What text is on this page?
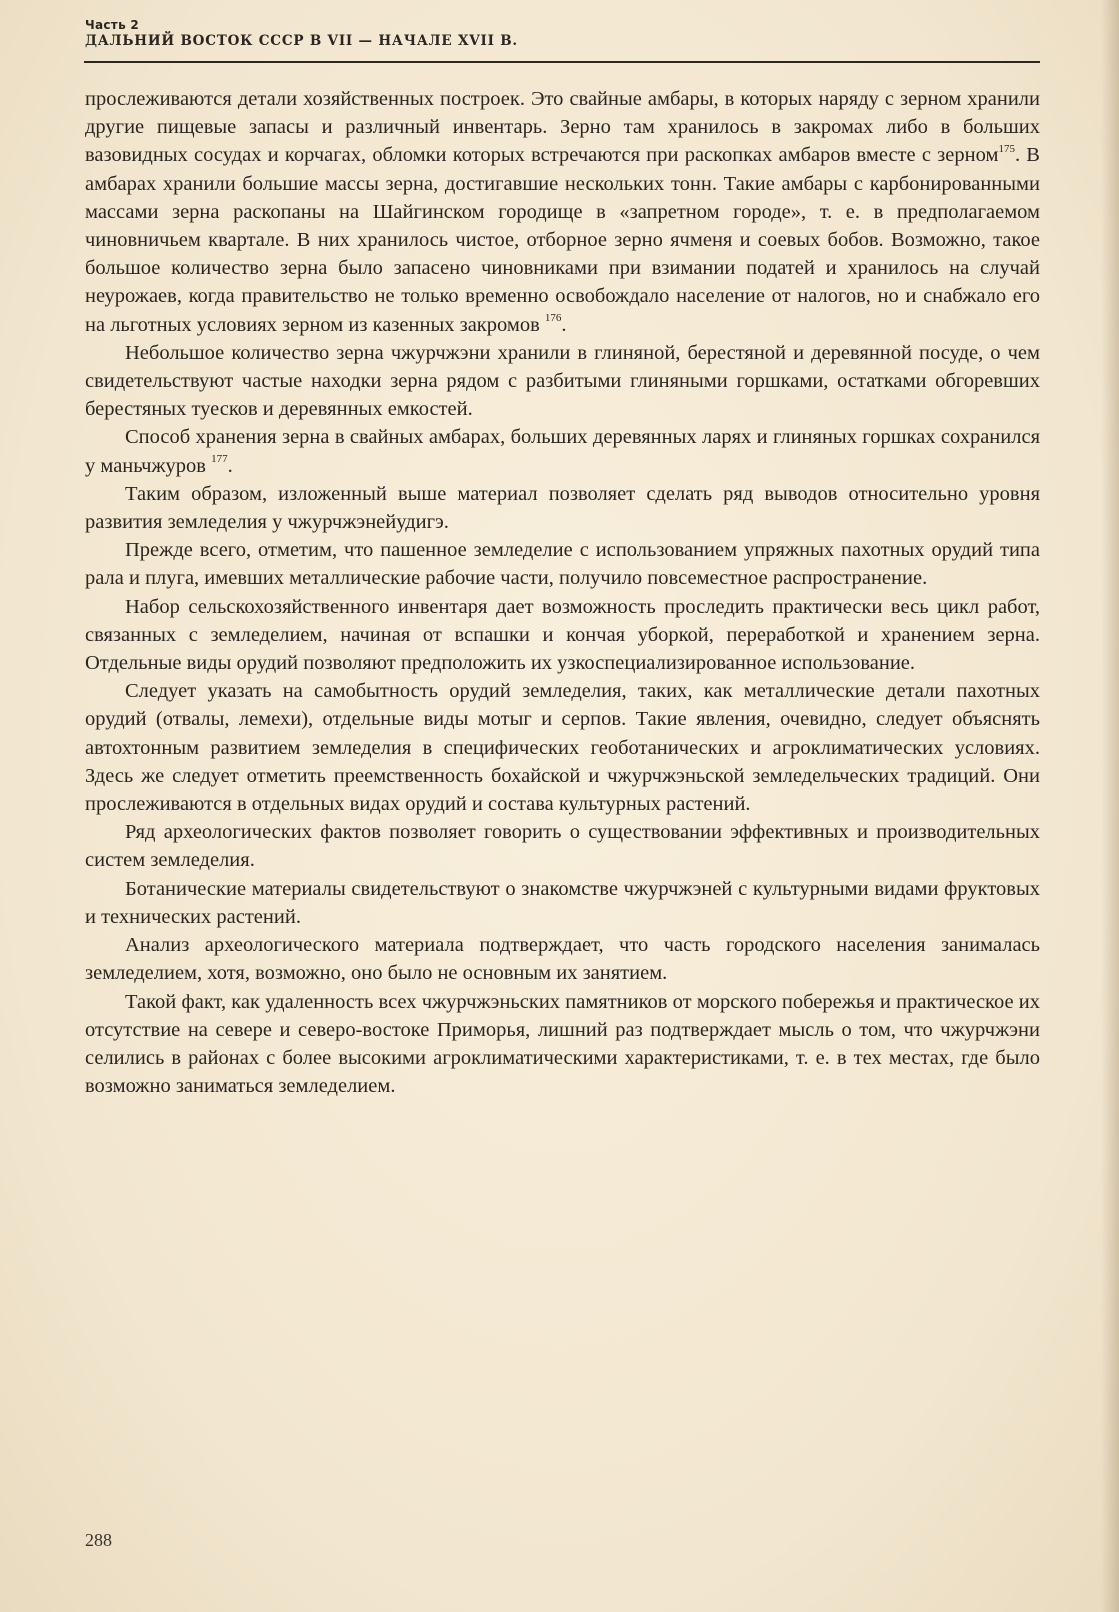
Часть 2
ДАЛЬНИЙ ВОСТОК СССР В VII — НАЧАЛЕ XVII В.

прослеживаются детали хозяйственных построек. Это свайные амбары, в которых наряду с зерном хранили другие пищевые запасы и различный инвентарь. Зерно там хранилось в закромах либо в больших вазовидных сосудах и корчагах, обломки которых встречаются при раскопках амбаров вместе с зерном$^{175}$. В амбарах хранили большие массы зерна, достигавшие нескольких тонн. Такие амбары с карбонированными массами зерна раскопаны на Шайгинском городище в «запретном городе», т. е. в предполагаемом чиновничьем квартале. В них хранилось чистое, отборное зерно ячменя и соевых бобов. Возможно, такое большое количество зерна было запасено чиновниками при взимании податей и хранилось на случай неурожаев, когда правительство не только временно освобождало население от налогов, но и снабжало его на льготных условиях зерном из казенных закромов $^{176}$.

Небольшое количество зерна чжурчжэни хранили в глиняной, берестяной и деревянной посуде, о чем свидетельствуют частые находки зерна рядом с разбитыми глиняными горшками, остатками обгоревших берестяных туесков и деревянных емкостей.

Способ хранения зерна в свайных амбарах, больших деревянных ларях и глиняных горшках сохранился у маньчжуров $^{177}$.

Таким образом, изложенный выше материал позволяет сделать ряд выводов относительно уровня развития земледелия у чжурчжэнейудигэ.

Прежде всего, отметим, что пашенное земледелие с использованием упряжных пахотных орудий типа рала и плуга, имевших металлические рабочие части, получило повсеместное распространение.

Набор сельскохозяйственного инвентаря дает возможность проследить практически весь цикл работ, связанных с земледелием, начиная от вспашки и кончая уборкой, переработкой и хранением зерна. Отдельные виды орудий позволяют предположить их узкоспециализированное использование.

Следует указать на самобытность орудий земледелия, таких, как металлические детали пахотных орудий (отвалы, лемехи), отдельные виды мотыг и серпов. Такие явления, очевидно, следует объяснять автохтонным развитием земледелия в специфических геоботанических и агроклиматических условиях. Здесь же следует отметить преемственность бохайской и чжурчжэньской земледельческих традиций. Они прослеживаются в отдельных видах орудий и состава культурных растений.

Ряд археологических фактов позволяет говорить о существовании эффективных и производительных систем земледелия.

Ботанические материалы свидетельствуют о знакомстве чжурчжэней с культурными видами фруктовых и технических растений.

Анализ археологического материала подтверждает, что часть городского населения занималась земледелием, хотя, возможно, оно было не основным их занятием.

Такой факт, как удаленность всех чжурчжэньских памятников от морского побережья и практическое их отсутствие на севере и северо-востоке Приморья, лишний раз подтверждает мысль о том, что чжурчжэни селились в районах с более высокими агроклиматическими характеристиками, т. е. в тех местах, где было возможно заниматься земледелием.

288
